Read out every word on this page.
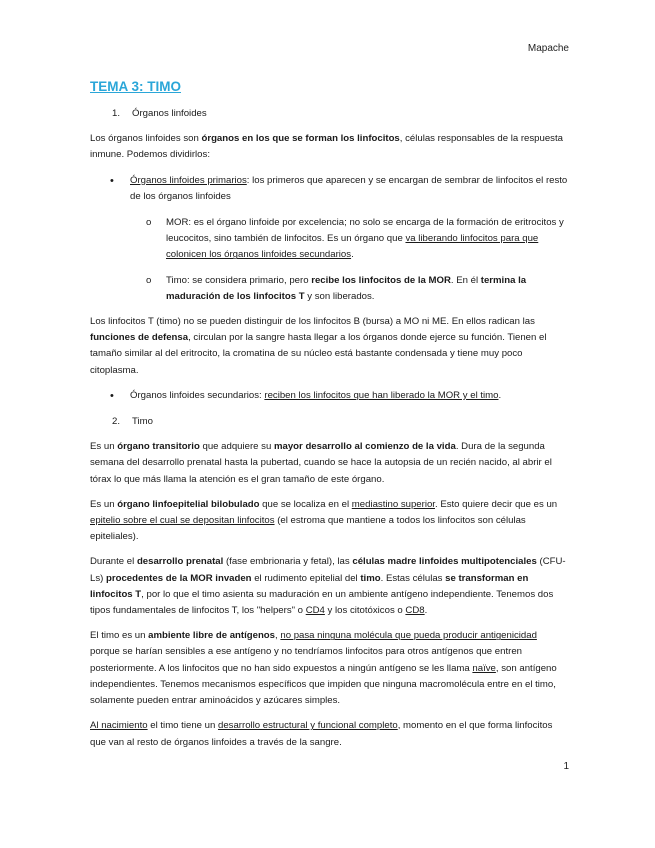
Mapache
TEMA 3: TIMO
1.	Órganos linfoides

Los órganos linfoides son órganos en los que se forman los linfocitos, células responsables de la respuesta inmune. Podemos dividirlos:

•	Órganos linfoides primarios: los primeros que aparecen y se encargan de sembrar de linfocitos el resto de los órganos linfoides
o	MOR: es el órgano linfoide por excelencia; no solo se encarga de la formación de eritrocitos y leucocitos, sino también de linfocitos. Es un órgano que va liberando linfocitos para que colonicen los órganos linfoides secundarios.
o	Timo: se considera primario, pero recibe los linfocitos de la MOR. En él termina la maduración de los linfocitos T y son liberados.

Los linfocitos T (timo) no se pueden distinguir de los linfocitos B (bursa) a MO ni ME. En ellos radican las funciones de defensa, circulan por la sangre hasta llegar a los órganos donde ejerce su función. Tienen el tamaño similar al del eritrocito, la cromatina de su núcleo está bastante condensada y tiene muy poco citoplasma.

•	Órganos linfoides secundarios: reciben los linfocitos que han liberado la MOR y el timo.
2.	Timo

Es un órgano transitorio que adquiere su mayor desarrollo al comienzo de la vida. Dura de la segunda semana del desarrollo prenatal hasta la pubertad, cuando se hace la autopsia de un recién nacido, al abrir el tórax lo que más llama la atención es el gran tamaño de este órgano.

Es un órgano linfoepitelial bilobulado que se localiza en el mediastino superior. Esto quiere decir que es un epitelio sobre el cual se depositan linfocitos (el estroma que mantiene a todos los linfocitos son células epiteliales).

Durante el desarrollo prenatal (fase embrionaria y fetal), las células madre linfoides multipotenciales (CFU-Ls) procedentes de la MOR invaden el rudimento epitelial del timo. Estas células se transforman en linfocitos T, por lo que el timo asienta su maduración en un ambiente antígeno independiente. Tenemos dos tipos fundamentales de linfocitos T, los "helpers" o CD4 y los citotóxicos o CD8.

El timo es un ambiente libre de antígenos, no pasa ninguna molécula que pueda producir antigenicidad porque se harían sensibles a ese antígeno y no tendríamos linfocitos para otros antígenos que entren posteriormente. A los linfocitos que no han sido expuestos a ningún antígeno se les llama naïve, son antígeno independientes. Tenemos mecanismos específicos que impiden que ninguna macromolécula entre en el timo, solamente pueden entrar aminoácidos y azúcares simples.

Al nacimiento el timo tiene un desarrollo estructural y funcional completo, momento en el que forma linfocitos que van al resto de órganos linfoides a través de la sangre.

1
